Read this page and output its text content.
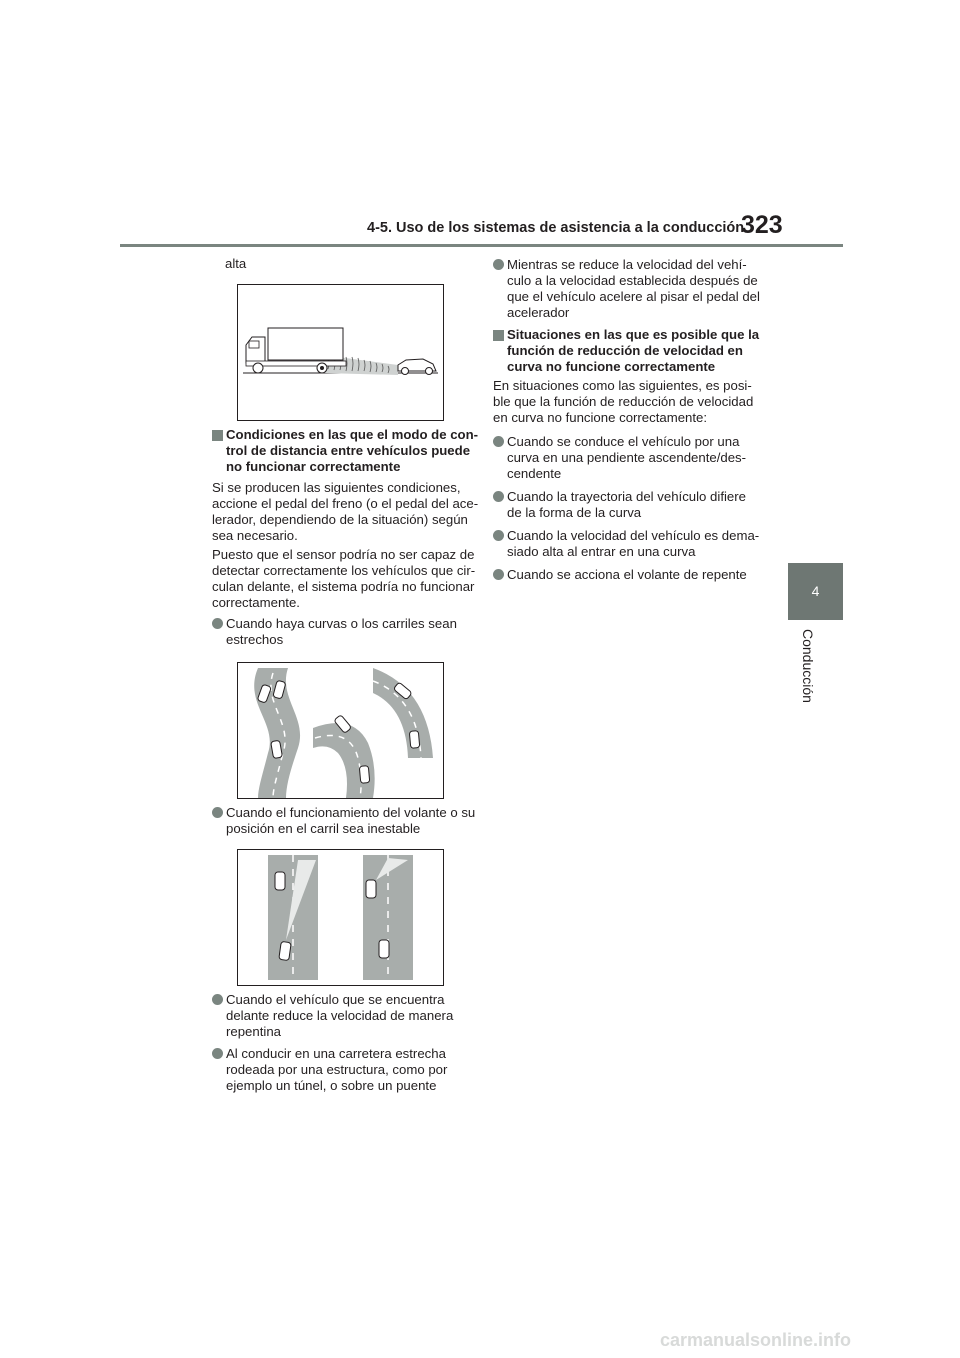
4-5. Uso de los sistemas de asistencia a la conducción
323
4
Conducción
alta

Condiciones en las que el modo de con-

trol de distancia entre vehículos puede

no funcionar correctamente

Si se producen las siguientes condiciones,

accione el pedal del freno (o el pedal del ace-

lerador, dependiendo de la situación) según

sea necesario.

Puesto que el sensor podría no ser capaz de

detectar correctamente los vehículos que cir-

culan delante, el sistema podría no funcionar

correctamente.

Cuando haya curvas o los carriles sean

estrechos

Cuando el funcionamiento del volante o su

posición en el carril sea inestable

Cuando el vehículo que se encuentra

delante reduce la velocidad de manera

repentina

Al conducir en una carretera estrecha

rodeada por una estructura, como por

ejemplo un túnel, o sobre un puente

Mientras se reduce la velocidad del vehí-

culo a la velocidad establecida después de

que el vehículo acelere al pisar el pedal del

acelerador

Situaciones en las que es posible que la

función de reducción de velocidad en

curva no funcione correctamente

En situaciones como las siguientes, es posi-

ble que la función de reducción de velocidad

en curva no funcione correctamente:

Cuando se conduce el vehículo por una

curva en una pendiente ascendente/des-

cendente

Cuando la trayectoria del vehículo difiere

de la forma de la curva

Cuando la velocidad del vehículo es dema-

siado alta al entrar en una curva

Cuando se acciona el volante de repente

carmanualsonline.info
